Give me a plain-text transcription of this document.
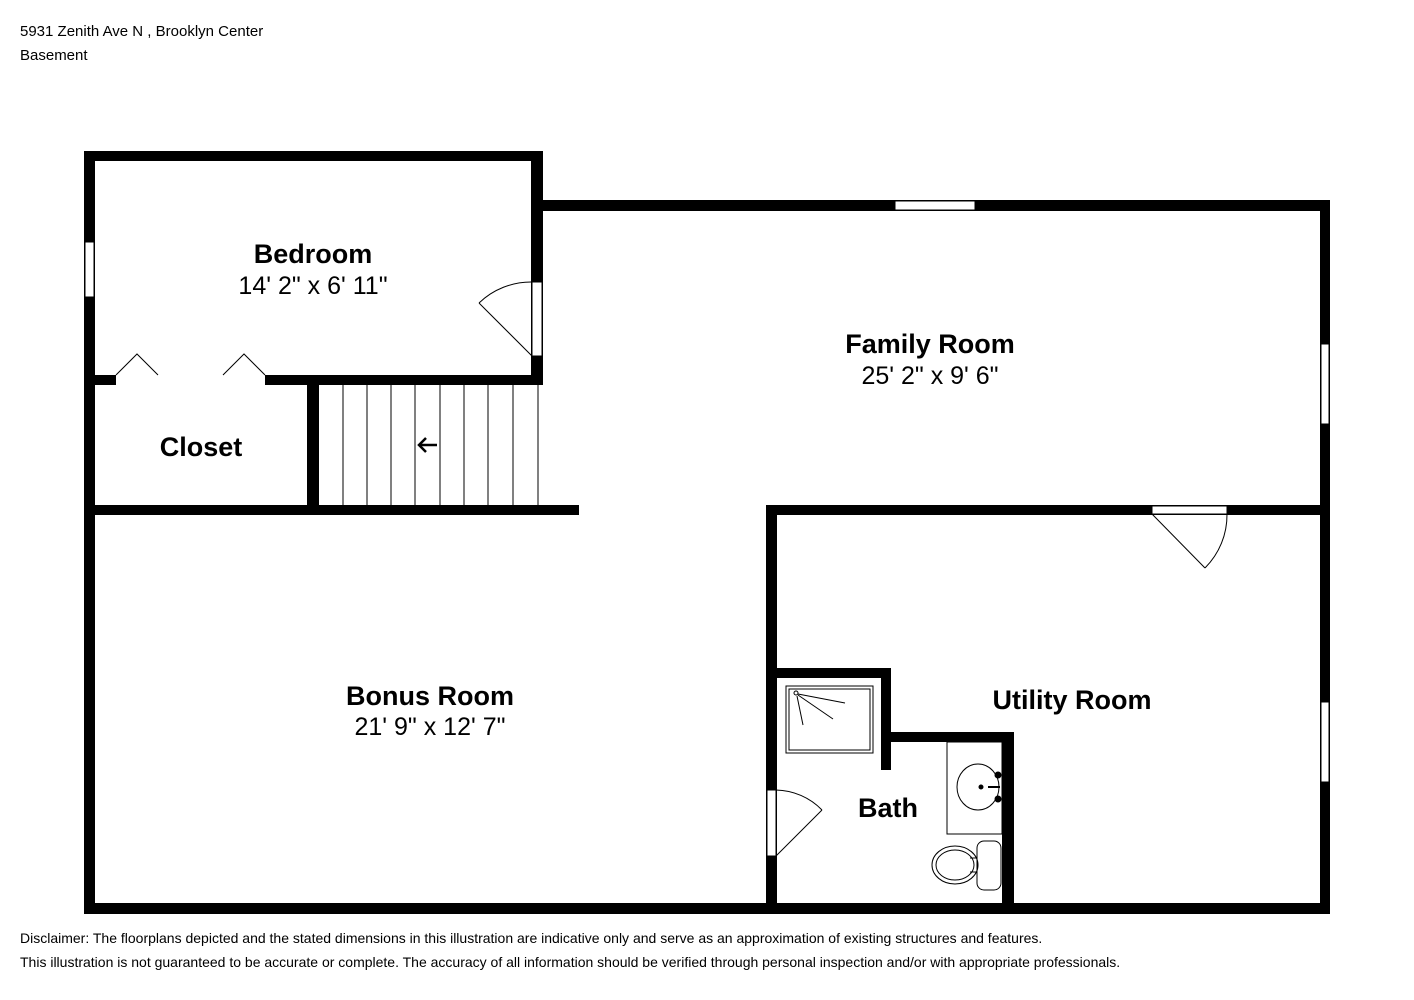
5931 Zenith Ave N , Brooklyn Center
Basement
Bedroom
14' 2" x 6' 11"
Closet
Family Room
25' 2" x 9' 6"
Bonus Room
21' 9" x 12' 7"
Utility Room
Bath
Disclaimer: The floorplans depicted and the stated dimensions in this illustration are indicative only and serve as an approximation of existing structures and features.
This illustration is not guaranteed to be accurate or complete. The accuracy of all information should be verified through personal inspection and/or with appropriate professionals.
